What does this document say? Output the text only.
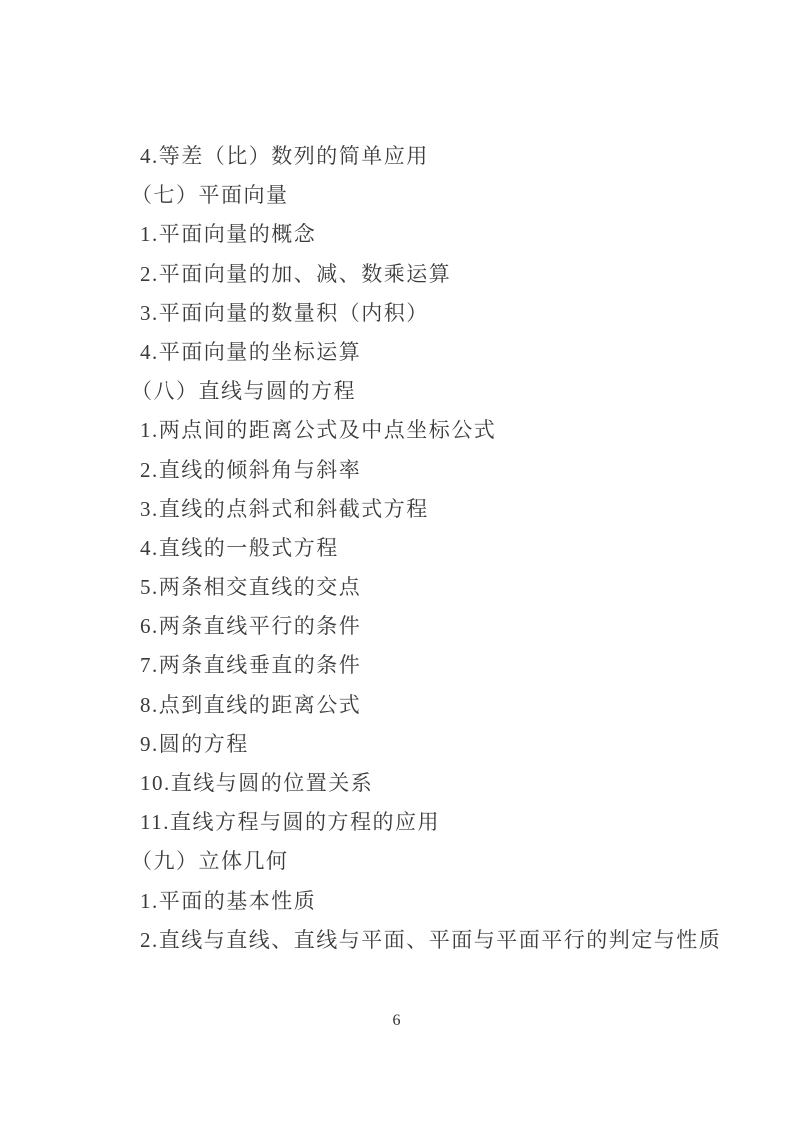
4.等差（比）数列的简单应用
（七）平面向量
1.平面向量的概念
2.平面向量的加、减、数乘运算
3.平面向量的数量积（内积）
4.平面向量的坐标运算
（八）直线与圆的方程
1.两点间的距离公式及中点坐标公式
2.直线的倾斜角与斜率
3.直线的点斜式和斜截式方程
4.直线的一般式方程
5.两条相交直线的交点
6.两条直线平行的条件
7.两条直线垂直的条件
8.点到直线的距离公式
9.圆的方程
10.直线与圆的位置关系
11.直线方程与圆的方程的应用
（九）立体几何
1.平面的基本性质
2.直线与直线、直线与平面、平面与平面平行的判定与性质
6
